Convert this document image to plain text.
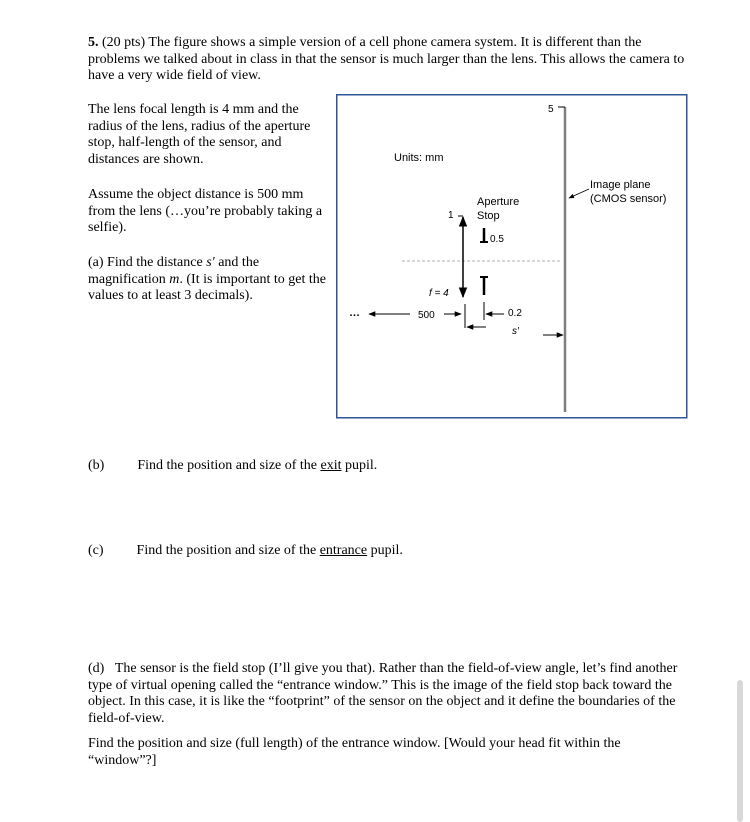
5. (20 pts) The figure shows a simple version of a cell phone camera system. It is different than the problems we talked about in class in that the sensor is much larger than the lens. This allows the camera to have a very wide field of view.
The lens focal length is 4 mm and the radius of the lens, radius of the aperture stop, half-length of the sensor, and distances are shown.
Assume the object distance is 500 mm from the lens (…you’re probably taking a selfie).
(a) Find the distance s′ and the magnification m. (It is important to get the values to at least 3 decimals).
Units: mm
5
Image plane
(CMOS sensor)
1
Aperture
Stop
0.5
f = 4
…	500	0.2
s′
(b) Find the position and size of the exit pupil.
(c) Find the position and size of the entrance pupil.
(d) The sensor is the field stop (I’ll give you that). Rather than the field-of-view angle, let’s find another type of virtual opening called the “entrance window.” This is the image of the field stop back toward the object. In this case, it is like the “footprint” of the sensor on the object and it define the boundaries of the field-of-view.
Find the position and size (full length) of the entrance window. [Would your head fit within the “window”?]
